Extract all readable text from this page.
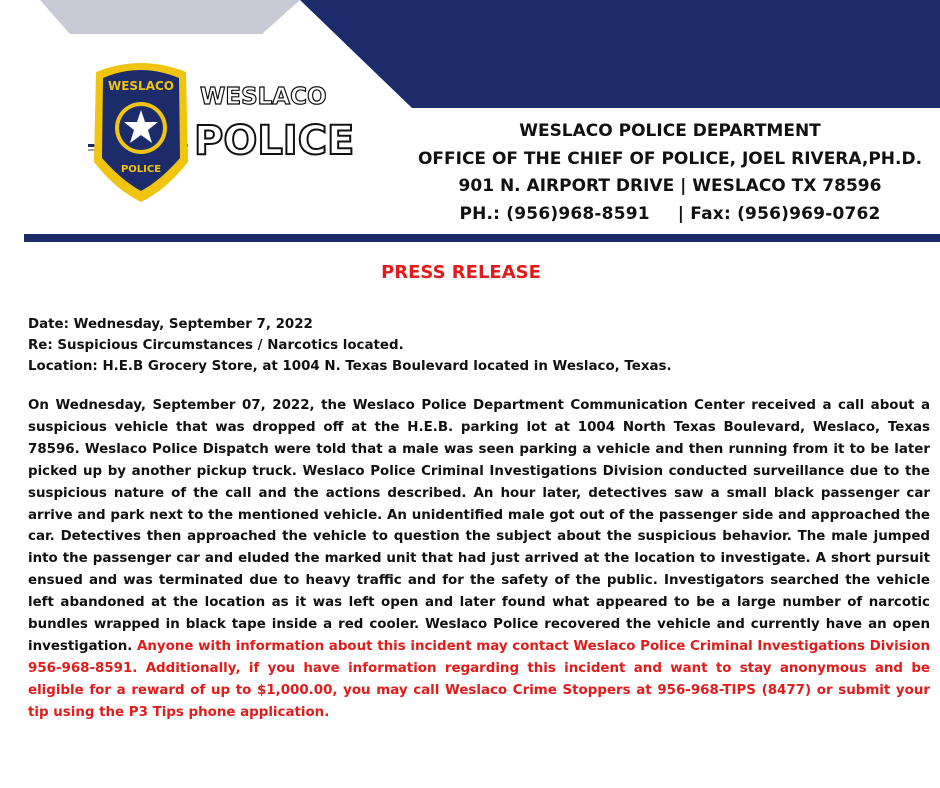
WESLACO
POLICE
WESLACO
POLICE	WESLACO POLICE DEPARTMENT
OFFICE OF THE CHIEF OF POLICE, JOEL RIVERA,PH.D.
901 N. AIRPORT DRIVE | WESLACO TX 78596
PH.: (956)968-8591 | Fax: (956)969-0762
PRESS RELEASE
Date: Wednesday, September 7, 2022
Re: Suspicious Circumstances / Narcotics located.
Location: H.E.B Grocery Store, at 1004 N. Texas Boulevard located in Weslaco, Texas.
On Wednesday, September 07, 2022, the Weslaco Police Department Communication Center received a call about a suspicious vehicle that was dropped off at the H.E.B. parking lot at 1004 North Texas Boulevard, Weslaco, Texas 78596. Weslaco Police Dispatch were told that a male was seen parking a vehicle and then running from it to be later picked up by another pickup truck. Weslaco Police Criminal Investigations Division conducted surveillance due to the suspicious nature of the call and the actions described. An hour later, detectives saw a small black passenger car arrive and park next to the mentioned vehicle. An unidentified male got out of the passenger side and approached the car. Detectives then approached the vehicle to question the subject about the suspicious behavior. The male jumped into the passenger car and eluded the marked unit that had just arrived at the location to investigate. A short pursuit ensued and was terminated due to heavy traffic and for the safety of the public. Investigators searched the vehicle left abandoned at the location as it was left open and later found what appeared to be a large number of narcotic bundles wrapped in black tape inside a red cooler. Weslaco Police recovered the vehicle and currently have an open investigation. Anyone with information about this incident may contact Weslaco Police Criminal Investigations Division 956-968-8591. Additionally, if you have information regarding this incident and want to stay anonymous and be eligible for a reward of up to $1,000.00, you may call Weslaco Crime Stoppers at 956-968-TIPS (8477) or submit your tip using the P3 Tips phone application.
